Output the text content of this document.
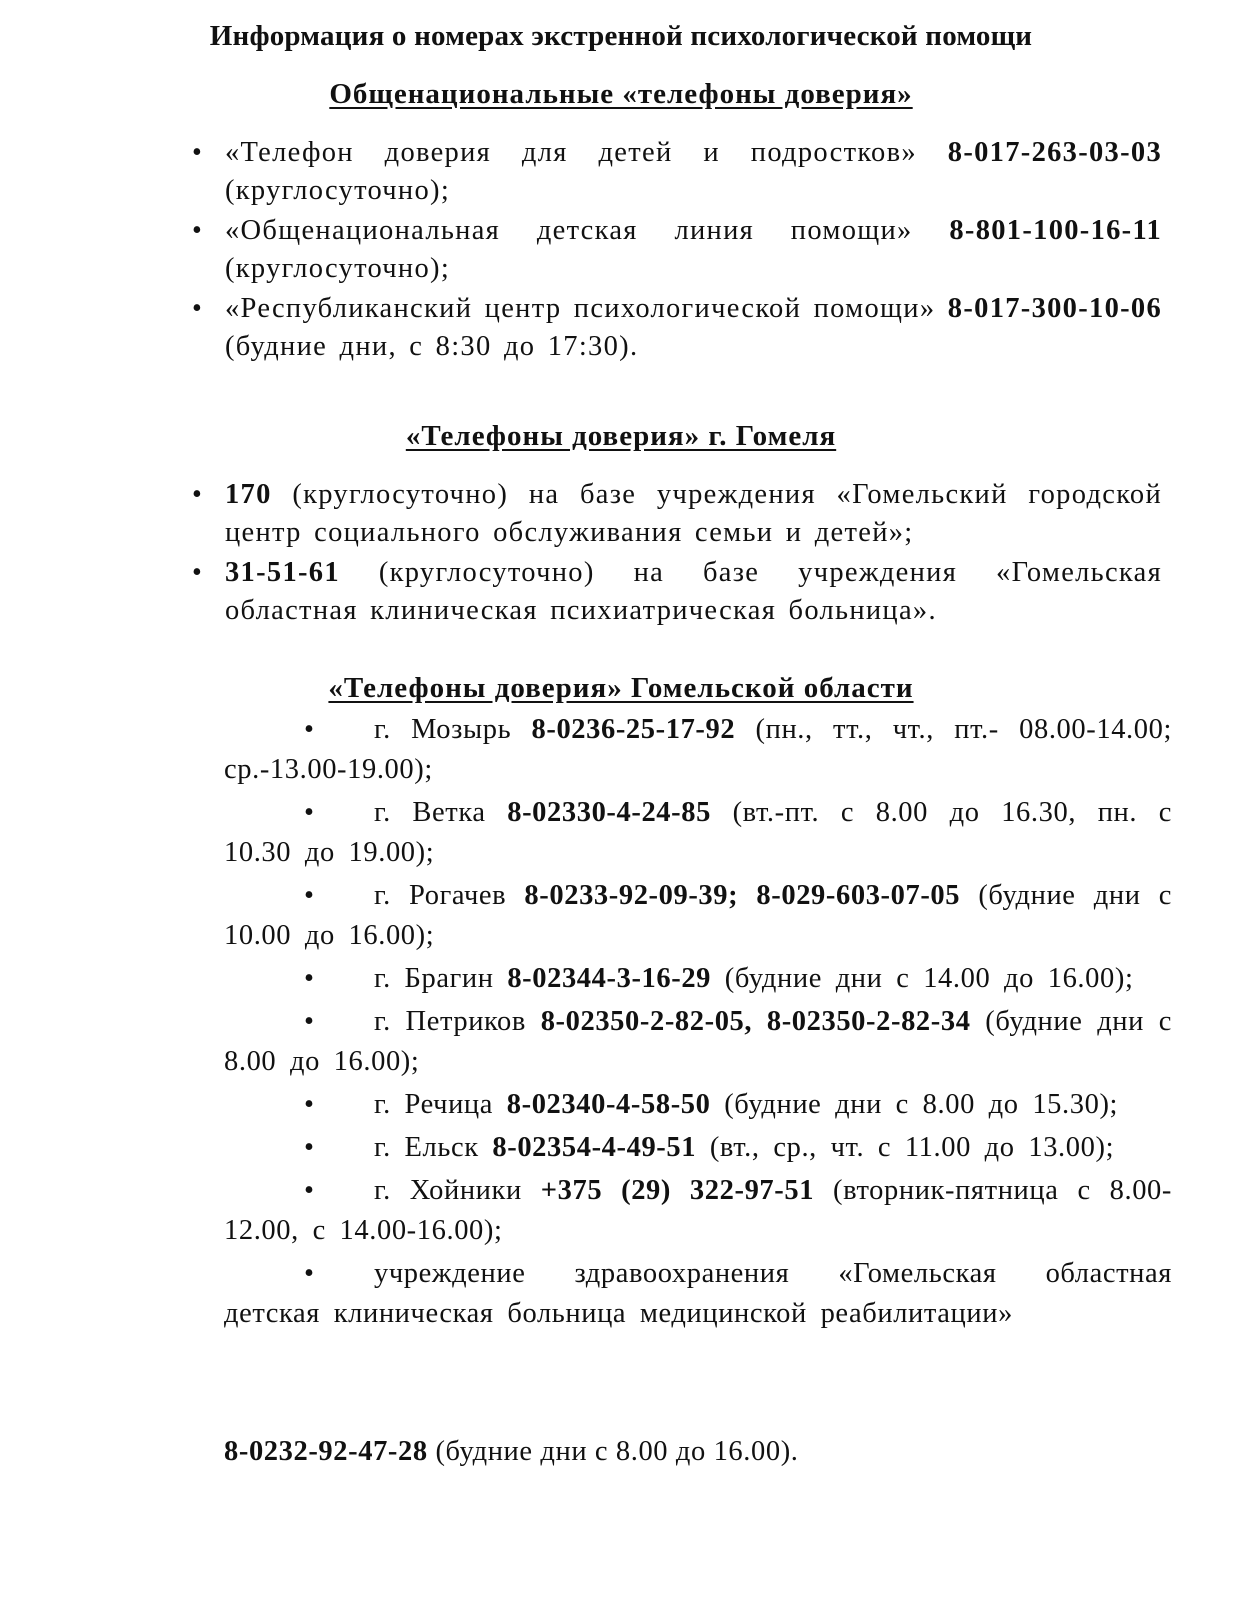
Информация о номерах экстренной психологической помощи
Общенациональные «телефоны доверия»
• «Телефон доверия для детей и подростков» 8-017-263-03-03 (круглосуточно);
• «Общенациональная детская линия помощи» 8-801-100-16-11 (круглосуточно);
• «Республиканский центр психологической помощи» 8-017-300-10-06 (будние дни, с 8:30 до 17:30).
«Телефоны доверия» г. Гомеля
• 170 (круглосуточно) на базе учреждения «Гомельский городской центр социального обслуживания семьи и детей»;
• 31-51-61 (круглосуточно) на базе учреждения «Гомельская областная клиническая психиатрическая больница».
«Телефоны доверия» Гомельской области
• г. Мозырь 8-0236-25-17-92 (пн., тт., чт., пт.- 08.00-14.00; ср.-13.00-19.00);
• г. Ветка 8-02330-4-24-85 (вт.-пт. с 8.00 до 16.30, пн. с 10.30 до 19.00);
• г. Рогачев 8-0233-92-09-39; 8-029-603-07-05 (будние дни с 10.00 до 16.00);
• г. Брагин 8-02344-3-16-29 (будние дни с 14.00 до 16.00);
• г. Петриков 8-02350-2-82-05, 8-02350-2-82-34 (будние дни с 8.00 до 16.00);
• г. Речица 8-02340-4-58-50 (будние дни с 8.00 до 15.30);
• г. Ельск 8-02354-4-49-51 (вт., ср., чт. с 11.00 до 13.00);
• г. Хойники +375 (29) 322-97-51 (вторник-пятница с 8.00-12.00, с 14.00-16.00);
• учреждение здравоохранения «Гомельская областная детская клиническая больница медицинской реабилитации»
8-0232-92-47-28 (будние дни с 8.00 до 16.00).
